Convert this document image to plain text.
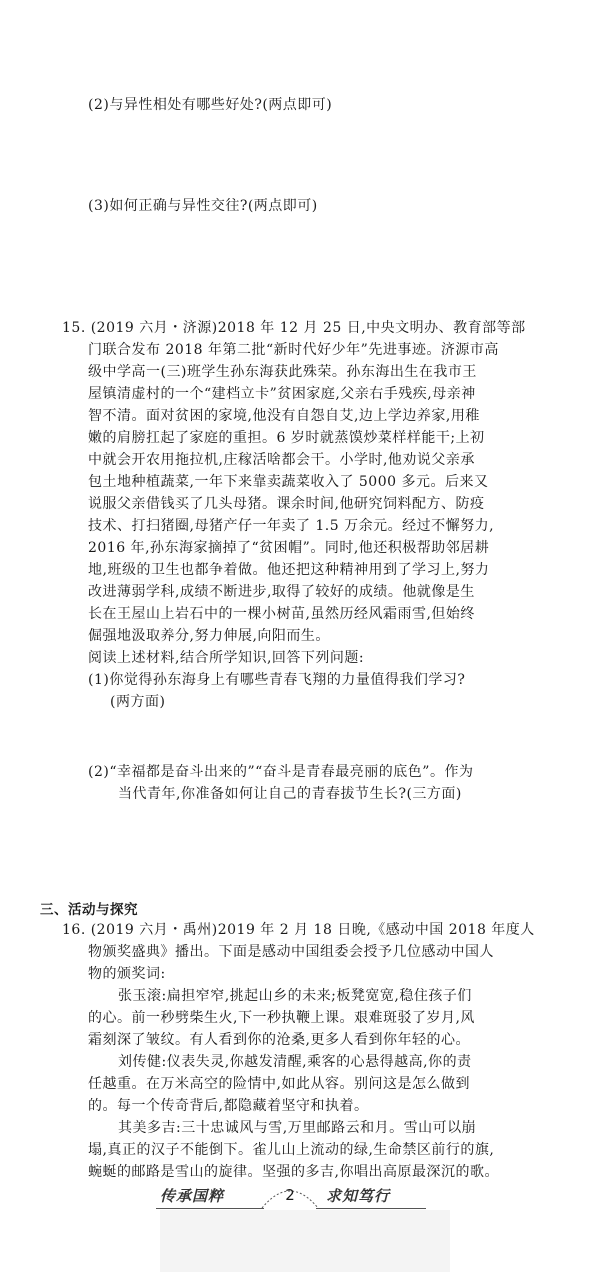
(2)与异性相处有哪些好处?(两点即可)
(3)如何正确与异性交往?(两点即可)
15. (2019 六月・济源)2018 年 12 月 25 日,中央文明办、教育部等部
门联合发布 2018 年第二批“新时代好少年”先进事迹。济源市高
级中学高一(三)班学生孙东海获此殊荣。孙东海出生在我市王
屋镇清虚村的一个“建档立卡”贫困家庭,父亲右手残疾,母亲神
智不清。面对贫困的家境,他没有自怨自艾,边上学边养家,用稚
嫩的肩膀扛起了家庭的重担。6 岁时就蒸馍炒菜样样能干;上初
中就会开农用拖拉机,庄稼活啥都会干。小学时,他劝说父亲承
包土地种植蔬菜,一年下来靠卖蔬菜收入了 5000 多元。后来又
说服父亲借钱买了几头母猪。课余时间,他研究饲料配方、防疫
技术、打扫猪圈,母猪产仔一年卖了 1.5 万余元。经过不懈努力,
2016 年,孙东海家摘掉了“贫困帽”。同时,他还积极帮助邻居耕
地,班级的卫生也都争着做。他还把这种精神用到了学习上,努力
改进薄弱学科,成绩不断进步,取得了较好的成绩。他就像是生
长在王屋山上岩石中的一棵小树苗,虽然历经风霜雨雪,但始终
倔强地汲取养分,努力伸展,向阳而生。
阅读上述材料,结合所学知识,回答下列问题:
(1)你觉得孙东海身上有哪些青春飞翔的力量值得我们学习?
(两方面)
(2)“幸福都是奋斗出来的”“奋斗是青春最亮丽的底色”。作为
当代青年,你准备如何让自己的青春拔节生长?(三方面)
三、活动与探究
16. (2019 六月・禹州)2019 年 2 月 18 日晚,《感动中国 2018 年度人
物颁奖盛典》播出。下面是感动中国组委会授予几位感动中国人
物的颁奖词:
张玉滚:扁担窄窄,挑起山乡的未来;板凳宽宽,稳住孩子们
的心。前一秒劈柴生火,下一秒执鞭上课。艰难斑驳了岁月,风
霜刻深了皱纹。有人看到你的沧桑,更多人看到你年轻的心。
刘传健:仪表失灵,你越发清醒,乘客的心悬得越高,你的责
任越重。在万米高空的险情中,如此从容。别问这是怎么做到
的。每一个传奇背后,都隐藏着坚守和执着。
其美多吉:三十忠诚风与雪,万里邮路云和月。雪山可以崩
塌,真正的汉子不能倒下。雀儿山上流动的绿,生命禁区前行的旗,
蜿蜒的邮路是雪山的旋律。坚强的多吉,你唱出高原最深沉的歌。
传承国粹	2	求知笃行
